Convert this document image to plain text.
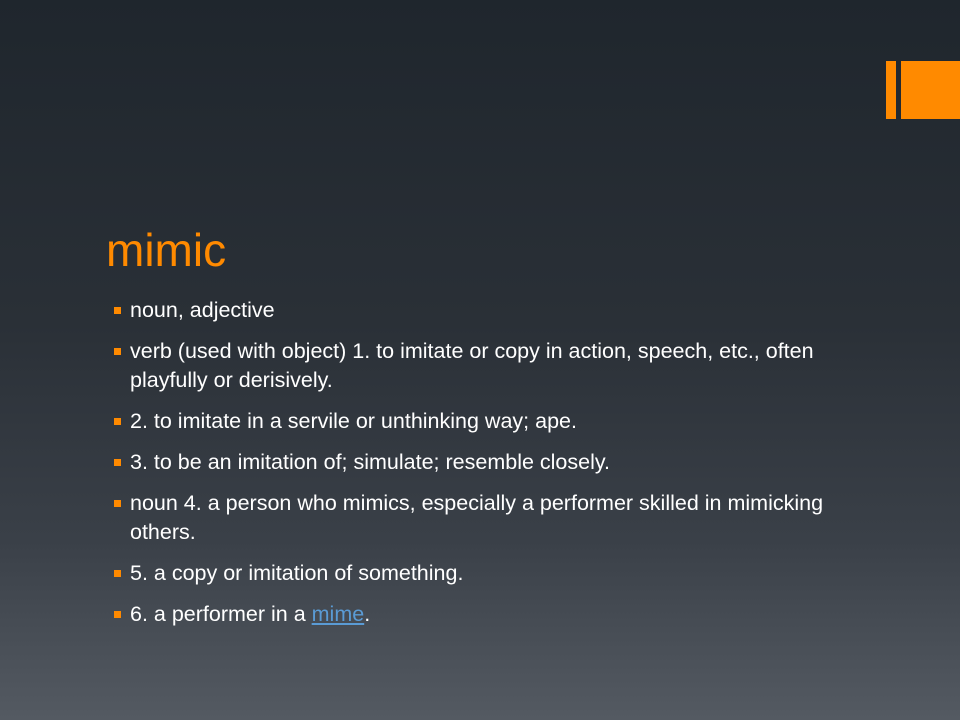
mimic
noun, adjective
verb (used with object) 1. to imitate or copy in action, speech, etc., often playfully or derisively.
2. to imitate in a servile or unthinking way; ape.
3. to be an imitation of; simulate; resemble closely.
noun 4. a person who mimics, especially a performer skilled in mimicking others.
5. a copy or imitation of something.
6. a performer in a mime.
